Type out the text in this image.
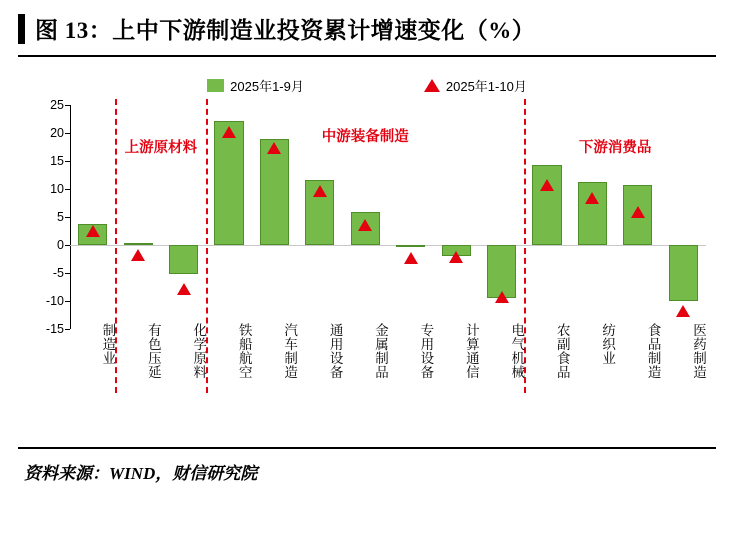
图 13：上中下游制造业投资累计增速变化（%）
2025年1-9月	2025年1-10月
-15
-10
-5
0
5
10
15
20
25
上游原材料
中游装备制造
下游消费品
制造业	有色压延	化学原料	铁船航空	汽车制造	通用设备	金属制品	专用设备	计算通信	电气机械	农副食品	纺织业	食品制造	医药制造
资料来源：WIND，财信研究院
